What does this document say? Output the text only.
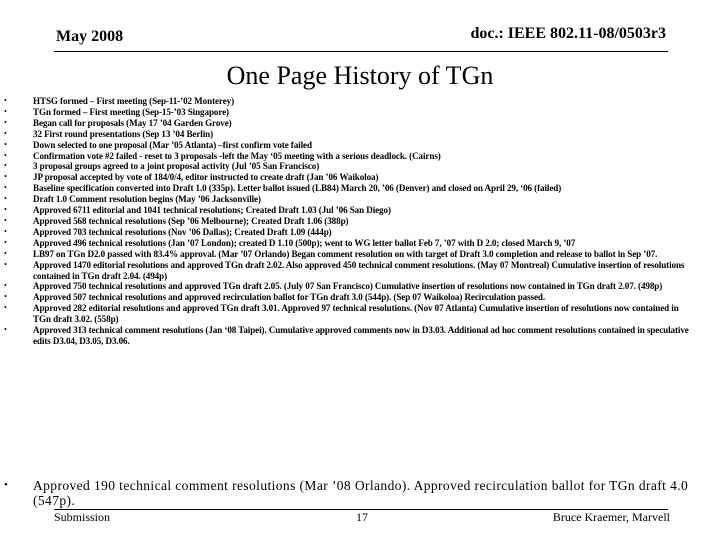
May 2008	doc.: IEEE 802.11-08/0503r3
One Page History of TGn
•	HTSG formed – First meeting (Sep-11-’02 Monterey)
•	TGn formed – First meeting (Sep-15-’03 Singapore)
•	Began call for proposals (May 17 ’04 Garden Grove)
•	32 First round presentations (Sep 13 ’04 Berlin)
•	Down selected to one proposal (Mar ’05 Atlanta) –first confirm vote failed
•	Confirmation vote #2 failed - reset to 3 proposals -left the May ‘05 meeting with a serious deadlock. (Cairns)
•	3 proposal groups agreed to a joint proposal activity (Jul ’05 San Francisco)
•	JP proposal accepted by vote of 184/0/4, editor instructed to create draft (Jan ’06 Waikoloa)
•	Baseline specification converted into Draft 1.0 (335p). Letter ballot issued (LB84) March 20, ’06 (Denver) and closed on April 29, ‘06 (failed)
•	Draft 1.0 Comment resolution begins (May ’06 Jacksonville)
•	Approved 6711 editorial and 1041 technical resolutions; Created Draft 1.03 (Jul ’06 San Diego)
•	Approved 568 technical resolutions (Sep ’06 Melbourne); Created Draft 1.06 (388p)
•	Approved 703 technical resolutions (Nov ’06 Dallas); Created Draft 1.09 (444p)
•	Approved 496 technical resolutions (Jan ’07 London); created D 1.10 (500p); went to WG letter ballot Feb 7, ’07 with D 2.0; closed March 9, ’07
•	LB97 on TGn D2.0 passed with 83.4% approval. (Mar ’07 Orlando) Began comment resolution on with target of Draft 3.0 completion and release to ballot in Sep ’07.
•	Approved 1470 editorial resolutions and approved TGn draft 2.02. Also approved 450 technical comment resolutions. (May 07 Montreal) Cumulative insertion of resolutions contained in TGn draft 2.04. (494p)
•	Approved 750 technical resolutions and approved TGn draft 2.05. (July 07 San Francisco) Cumulative insertion of resolutions now contained in TGn draft 2.07. (498p)
•	Approved 507 technical resolutions and approved recirculation ballot for TGn draft 3.0 (544p). (Sep 07 Waikoloa) Recirculation passed.
•	Approved 282 editorial resolutions and approved TGn draft 3.01. Approved 97 technical resolutions. (Nov 07 Atlanta) Cumulative insertion of resolutions now contained in TGn draft 3.02. (558p)
•	Approved 313 technical comment resolutions (Jan ‘08 Taipei). Cumulative approved comments now in D3.03. Additional ad hoc comment resolutions contained in speculative edits D3.04, D3.05, D3.06.
• Approved 190 technical comment resolutions (Mar ’08 Orlando). Approved recirculation ballot for TGn draft 4.0 (547p).
Submission	17	Bruce Kraemer, Marvell
